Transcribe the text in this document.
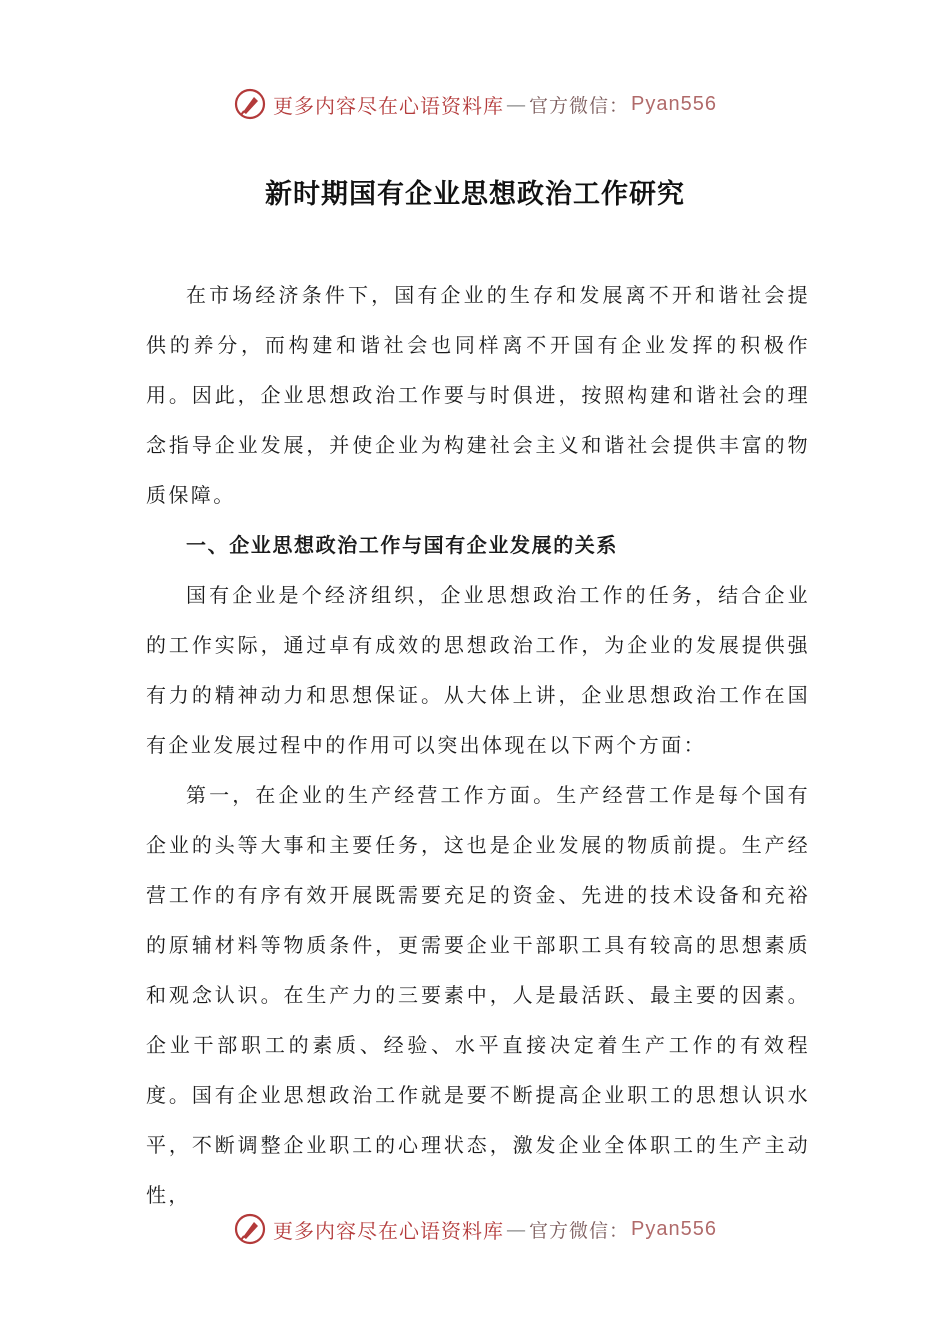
更多内容尽在心语资料库 — 官方微信： Pyan556
新时期国有企业思想政治工作研究

在市场经济条件下，国有企业的生存和发展离不开和谐社会提供的养分，而构建和谐社会也同样离不开国有企业发挥的积极作用。因此，企业思想政治工作要与时俱进，按照构建和谐社会的理念指导企业发展，并使企业为构建社会主义和谐社会提供丰富的物质保障。

一、企业思想政治工作与国有企业发展的关系

国有企业是个经济组织，企业思想政治工作的任务，结合企业的工作实际，通过卓有成效的思想政治工作，为企业的发展提供强有力的精神动力和思想保证。从大体上讲，企业思想政治工作在国有企业发展过程中的作用可以突出体现在以下两个方面：

第一，在企业的生产经营工作方面。生产经营工作是每个国有企业的头等大事和主要任务，这也是企业发展的物质前提。生产经营工作的有序有效开展既需要充足的资金、先进的技术设备和充裕的原辅材料等物质条件，更需要企业干部职工具有较高的思想素质和观念认识。在生产力的三要素中，人是最活跃、最主要的因素。企业干部职工的素质、经验、水平直接决定着生产工作的有效程度。国有企业思想政治工作就是要不断提高企业职工的思想认识水平，不断调整企业职工的心理状态，激发企业全体职工的生产主动性，

更多内容尽在心语资料库 — 官方微信： Pyan556
